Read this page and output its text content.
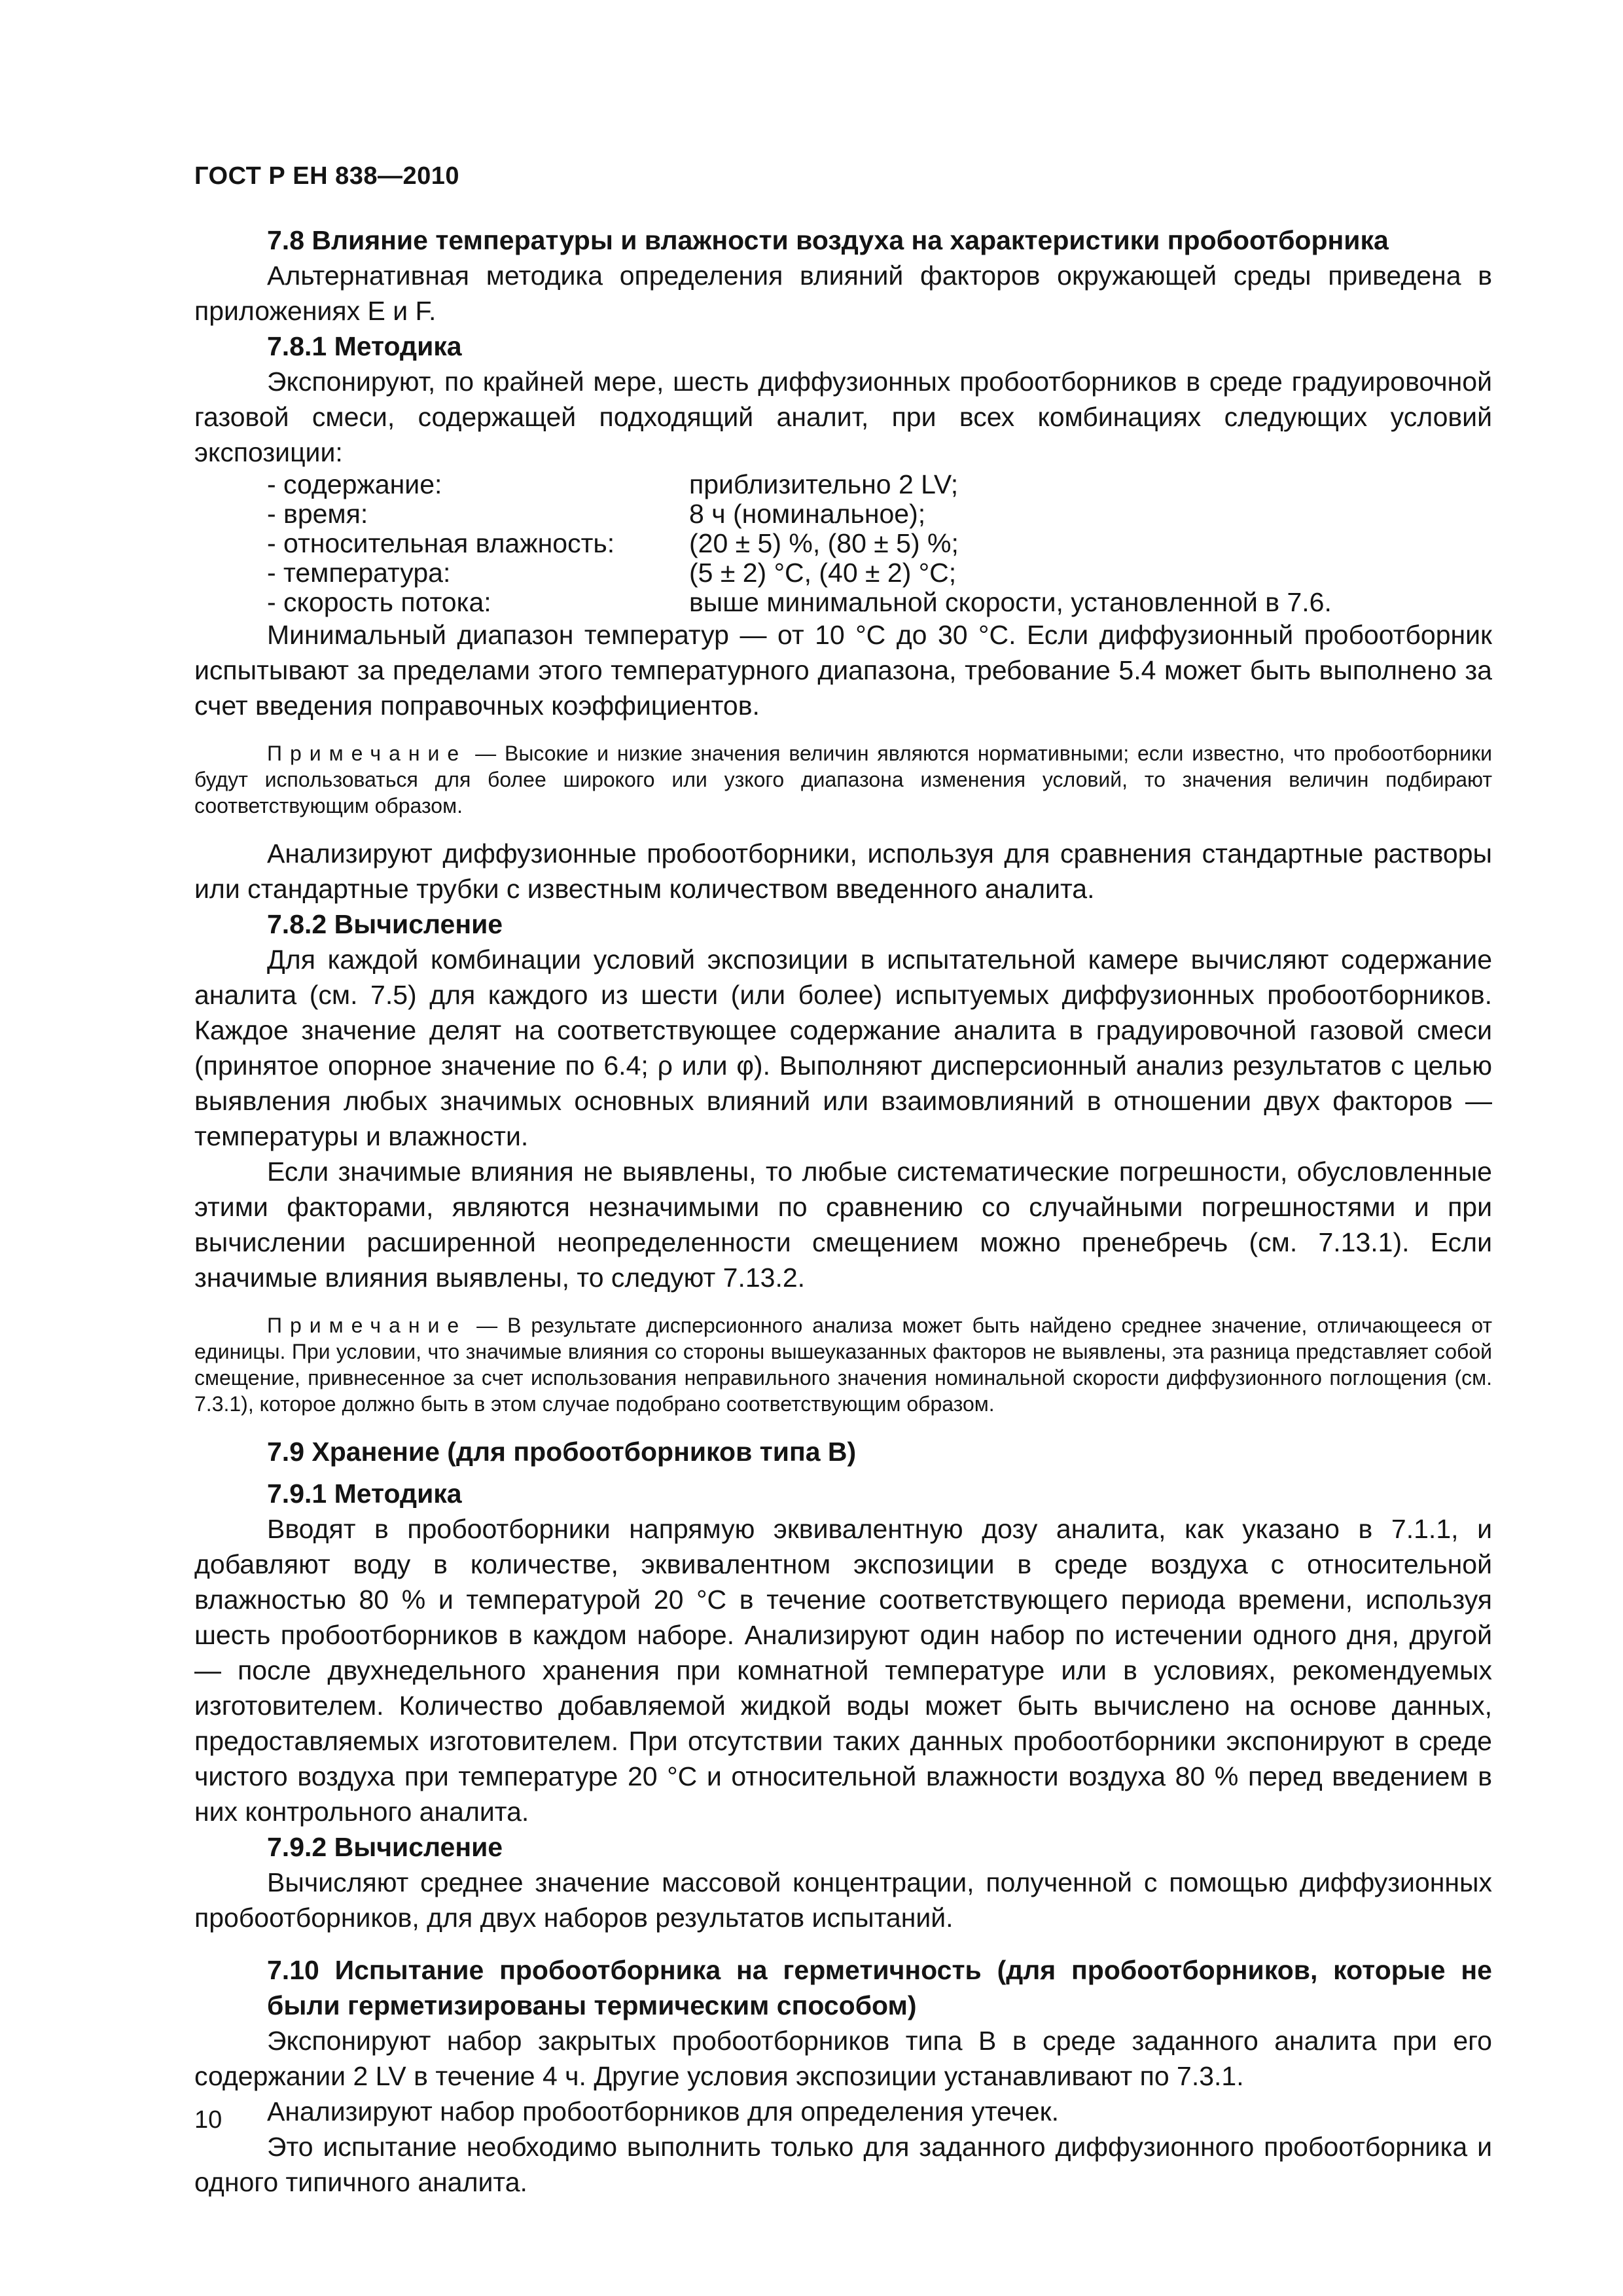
ГОСТ Р ЕН 838—2010

7.8 Влияние температуры и влажности воздуха на характеристики пробоотборника

Альтернативная методика определения влияний факторов окружающей среды приведена в приложениях Е и F.

7.8.1 Методика

Экспонируют, по крайней мере, шесть диффузионных пробоотборников в среде градуировочной газовой смеси, содержащей подходящий аналит, при всех комбинациях следующих условий экспозиции:

- содержание:	приблизительно 2 LV;
- время:	8 ч (номинальное);
- относительная влажность:	(20 ± 5) %, (80 ± 5) %;
- температура:	(5 ± 2) °С, (40 ± 2) °С;
- скорость потока:	выше минимальной скорости, установленной в 7.6.

Минимальный диапазон температур — от 10 °С до 30 °С. Если диффузионный пробоотборник испытывают за пределами этого температурного диапазона, требование 5.4 может быть выполнено за счет введения поправочных коэффициентов.

Примечание — Высокие и низкие значения величин являются нормативными; если известно, что пробоотборники будут использоваться для более широкого или узкого диапазона изменения условий, то значения величин подбирают соответствующим образом.

Анализируют диффузионные пробоотборники, используя для сравнения стандартные растворы или стандартные трубки с известным количеством введенного аналита.

7.8.2 Вычисление

Для каждой комбинации условий экспозиции в испытательной камере вычисляют содержание аналита (см. 7.5) для каждого из шести (или более) испытуемых диффузионных пробоотборников. Каждое значение делят на соответствующее содержание аналита в градуировочной газовой смеси (принятое опорное значение по 6.4; ρ или φ). Выполняют дисперсионный анализ результатов с целью выявления любых значимых основных влияний или взаимовлияний в отношении двух факторов — температуры и влажности.

Если значимые влияния не выявлены, то любые систематические погрешности, обусловленные этими факторами, являются незначимыми по сравнению со случайными погрешностями и при вычислении расширенной неопределенности смещением можно пренебречь (см. 7.13.1). Если значимые влияния выявлены, то следуют 7.13.2.

Примечание — В результате дисперсионного анализа может быть найдено среднее значение, отличающееся от единицы. При условии, что значимые влияния со стороны вышеуказанных факторов не выявлены, эта разница представляет собой смещение, привнесенное за счет использования неправильного значения номинальной скорости диффузионного поглощения (см. 7.3.1), которое должно быть в этом случае подобрано соответствующим образом.

7.9 Хранение (для пробоотборников типа В)

7.9.1 Методика

Вводят в пробоотборники напрямую эквивалентную дозу аналита, как указано в 7.1.1, и добавляют воду в количестве, эквивалентном экспозиции в среде воздуха с относительной влажностью 80 % и температурой 20 °С в течение соответствующего периода времени, используя шесть пробоотборников в каждом наборе. Анализируют один набор по истечении одного дня, другой — после двухнедельного хранения при комнатной температуре или в условиях, рекомендуемых изготовителем. Количество добавляемой жидкой воды может быть вычислено на основе данных, предоставляемых изготовителем. При отсутствии таких данных пробоотборники экспонируют в среде чистого воздуха при температуре 20 °С и относительной влажности воздуха 80 % перед введением в них контрольного аналита.

7.9.2 Вычисление

Вычисляют среднее значение массовой концентрации, полученной с помощью диффузионных пробоотборников, для двух наборов результатов испытаний.

7.10 Испытание пробоотборника на герметичность (для пробоотборников, которые не были герметизированы термическим способом)

Экспонируют набор закрытых пробоотборников типа В в среде заданного аналита при его содержании 2 LV в течение 4 ч. Другие условия экспозиции устанавливают по 7.3.1.

Анализируют набор пробоотборников для определения утечек.

Это испытание необходимо выполнить только для заданного диффузионного пробоотборника и одного типичного аналита.

10
